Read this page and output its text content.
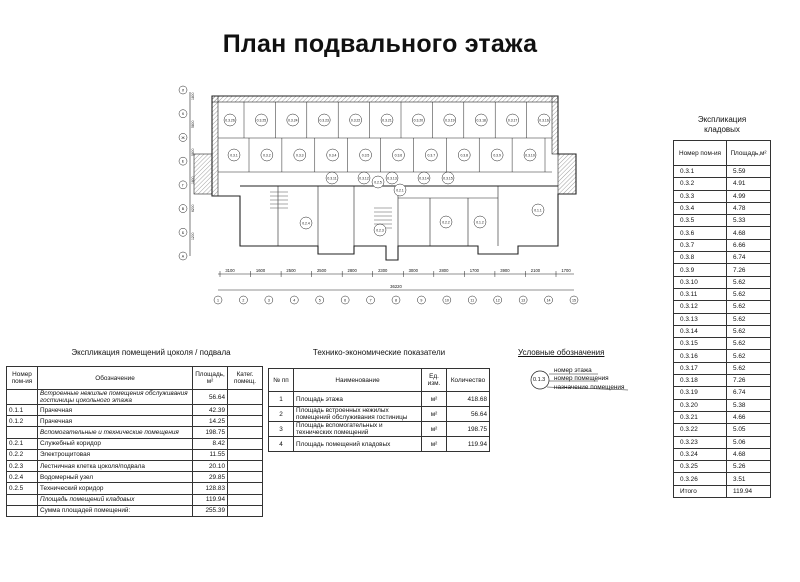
План подвального этажа
0.3.26	0.3.25	0.3.24	0.3.23	0.3.22	0.3.21	0.3.20	0.3.19	0.3.18	0.3.17	0.3.16
0.3.1	0.3.2	0.3.3	0.3.4	0.3.5	0.3.6	0.3.7	0.3.8	0.3.9	0.3.10
0.2.4
0.2.3
0.3.11	0.3.12	0.3.13	0.3.14	0.3.15
0.2.2	0.1.2
0.2.1
0.1.1
0.2.5
3100	1600	2500	2500	2800	2300	3000	2800	1700	3900	2100	1700
36220
1	2	3	4	5	6	7	8	9	10	11	12	13	14	15
Л
К
Ж
Е
Г
В
Б
А
1800
5800
5800
1800
6200
1200
Экспликация помещений цоколя / подвала
Номер пом-ия	Обозначение	Площадь, м²	Катег. помещ.
	Встроенные нежилые помещения обслуживания гостиницы цокольного этажа	56.64	
0.1.1	Прачечная	42.39	
0.1.2	Прачечная	14.25	
	Вспомогательные и технические помещения	198.75	
0.2.1	Служебный коридор	8.42	
0.2.2	Электрощитовая	11.55	
0.2.3	Лестничная клетка цоколя/подвала	20.10	
0.2.4	Водомерный узел	29.85	
0.2.5	Технический коридор	128.83	
	Площадь помещений кладовых	119.94	
	Сумма площадей помещений:	255.39	
Технико-экономические показатели
№ пп	Наименование	Ед. изм.	Количество
1	Площадь этажа	м²	418.68
2	Площадь встроенных нежилых помещений обслуживания гостиницы	м²	56.64
3	Площадь вспомогательных и технических помещений	м²	198.75
4	Площадь помещений кладовых	м²	119.94
Условные обозначения
0.1.3
номер этажа
номер помещения
назначение помещения
Экспликация
кладовых
Номер пом-ия	Площадь,м²
0.3.1	5.59
0.3.2	4.91
0.3.3	4.99
0.3.4	4.78
0.3.5	5.33
0.3.6	4.68
0.3.7	6.66
0.3.8	6.74
0.3.9	7.26
0.3.10	5.62
0.3.11	5.62
0.3.12	5.62
0.3.13	5.62
0.3.14	5.62
0.3.15	5.62
0.3.16	5.62
0.3.17	5.62
0.3.18	7.26
0.3.19	6.74
0.3.20	5.38
0.3.21	4.66
0.3.22	5.05
0.3.23	5.06
0.3.24	4.68
0.3.25	5.26
0.3.26	3.51
Итого	119.94
